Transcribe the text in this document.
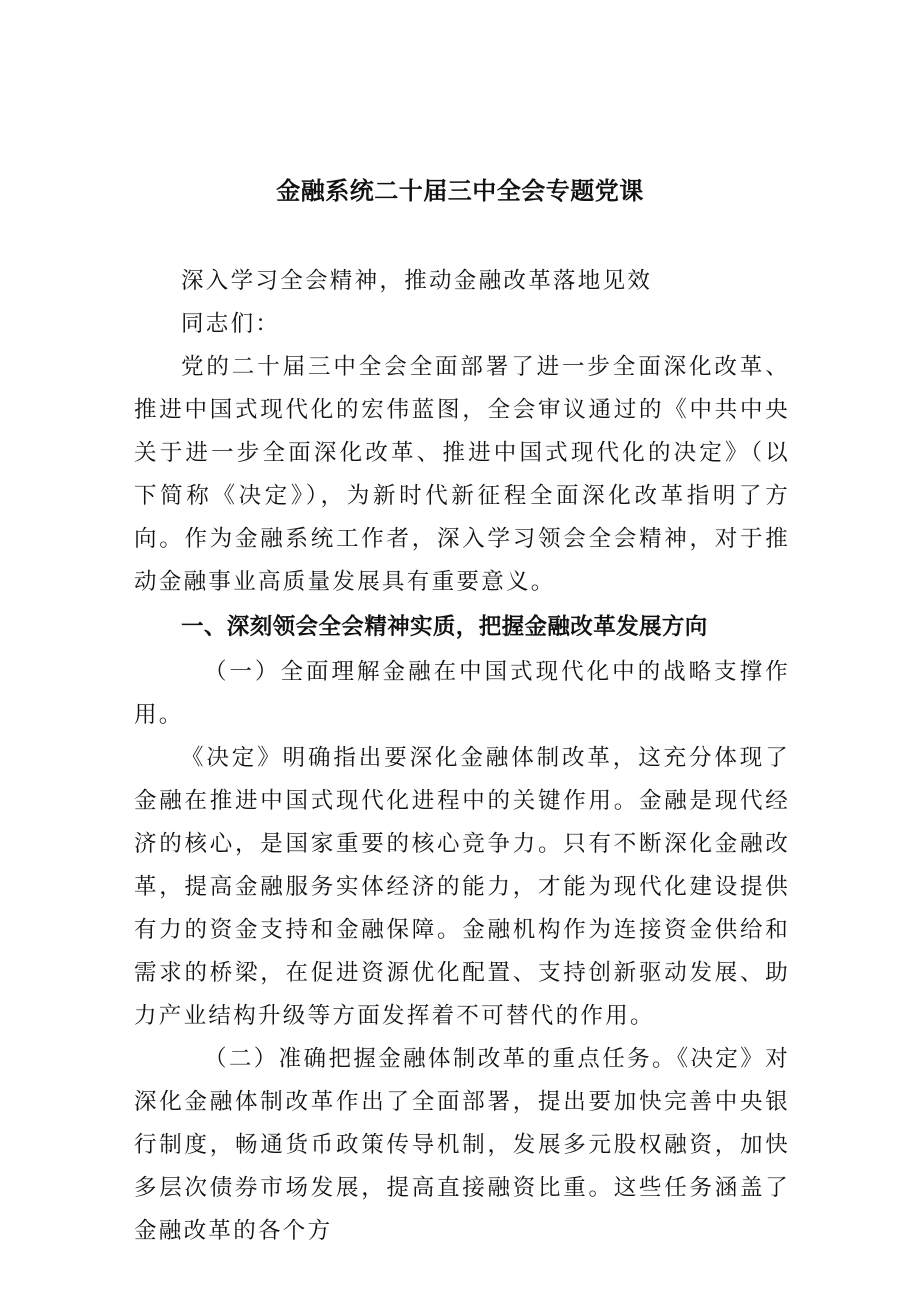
金融系统二十届三中全会专题党课

深入学习全会精神，推动金融改革落地见效

同志们：

党的二十届三中全会全面部署了进一步全面深化改革、推进中国式现代化的宏伟蓝图，全会审议通过的《中共中央关于进一步全面深化改革、推进中国式现代化的决定》（以下简称《决定》），为新时代新征程全面深化改革指明了方向。作为金融系统工作者，深入学习领会全会精神，对于推动金融事业高质量发展具有重要意义。

一、深刻领会全会精神实质，把握金融改革发展方向

（一）全面理解金融在中国式现代化中的战略支撑作用。

《决定》明确指出要深化金融体制改革，这充分体现了金融在推进中国式现代化进程中的关键作用。金融是现代经济的核心，是国家重要的核心竞争力。只有不断深化金融改革，提高金融服务实体经济的能力，才能为现代化建设提供有力的资金支持和金融保障。金融机构作为连接资金供给和需求的桥梁，在促进资源优化配置、支持创新驱动发展、助力产业结构升级等方面发挥着不可替代的作用。

（二）准确把握金融体制改革的重点任务。《决定》对深化金融体制改革作出了全面部署，提出要加快完善中央银行制度，畅通货币政策传导机制，发展多元股权融资，加快多层次债券市场发展，提高直接融资比重。这些任务涵盖了金融改革的各个方
